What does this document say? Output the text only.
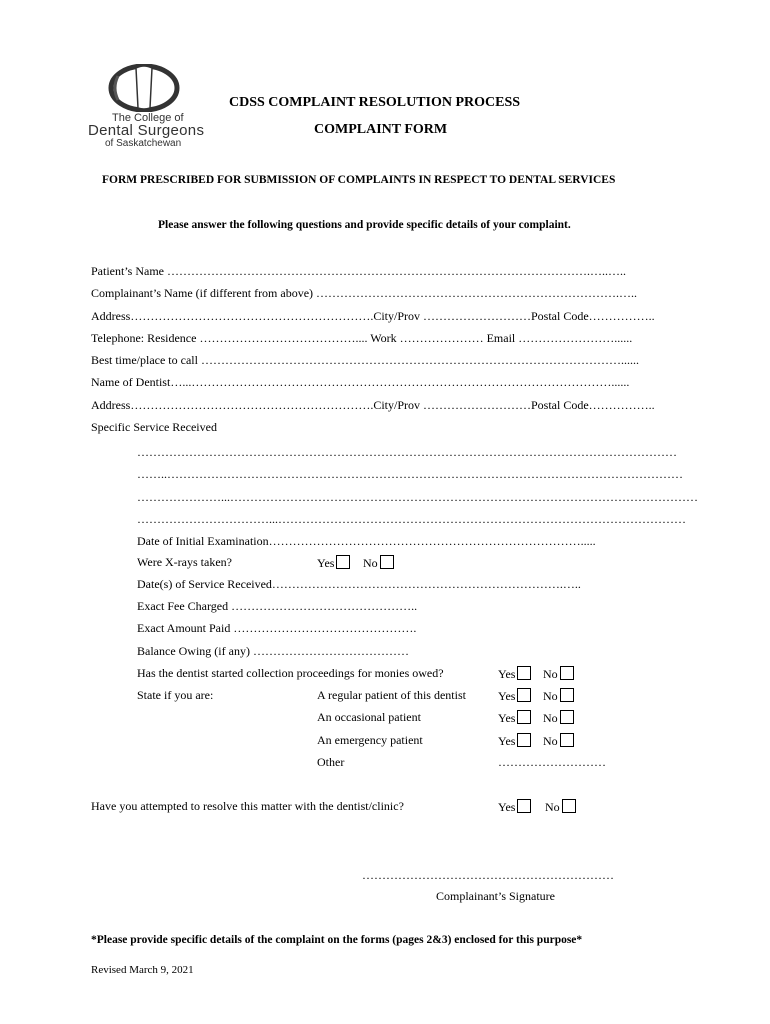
The College of
Dental Surgeons
of Saskatchewan
CDSS COMPLAINT RESOLUTION PROCESS
COMPLAINT FORM
FORM PRESCRIBED FOR SUBMISSION OF COMPLAINTS IN RESPECT TO DENTAL SERVICES
Please answer the following questions and provide specific details of your complaint.
Patient’s Name …………………………………………………………………………………………….…..…..
Complainant’s Name (if different from above) ………………………………………………………………….…..
Address…………………………………………………….City/Prov ………………………Postal Code……………..
Telephone: Residence ………………………………….... Work ………………… Email ……………………......
Best time/place to call ……………………………………………………………………………………………......
Name of Dentist…...……………………………………………………………………………………………......
Address…………………………………………………….City/Prov ………………………Postal Code……………..
Specific Service Received
………………………………………………………………………………………………………………………
……..…………………………………………………………………………………………………………………
…………………...………………………………………………………………………………………………………
……………………………...…………………………………………………………………………………………
Date of Initial Examination…………………………………………………………………….....
Were X-rays taken?	Yes	No
Date(s) of Service Received……………………………………………………………….…..
Exact Fee Charged ………………………………………..
Exact Amount Paid ……………………………………….
Balance Owing (if any) …………………………………
Has the dentist started collection proceedings for monies owed?	Yes	No
State if you are:	A regular patient of this dentist	Yes	No
An occasional patient	Yes	No
An emergency patient	Yes	No
Other	………………………
Have you attempted to resolve this matter with the dentist/clinic?	Yes	No
………………………………………………………
Complainant’s Signature
*Please provide specific details of the complaint on the forms (pages 2&3) enclosed for this purpose*
Revised March 9, 2021
